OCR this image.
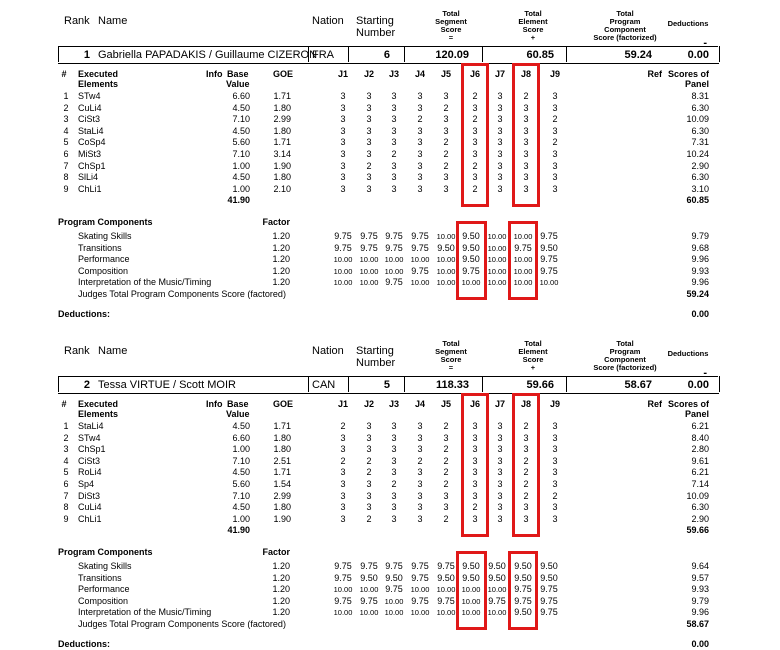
Rank Name	Nation Starting
Number
Total
Segment
Score
=
Total
Element
Score
+
Total
Program
Component
Score (factorized)
Deductions
-
1 Gabriella PAPADAKIS / Guillaume CIZERON
FRA	6	120.09	60.85	59.24	0.00
# Executed
Elements
Info Base
Value
GOE	J1	J2	J3	J4	J5	J6	J7	J8	J9	Ref Scores of
Panel
1 STw4	6.60	1.71	3	3	3	3	3	2	3	2	3	8.31
2 CuLi4	4.50	1.80	3	3	3	3	2	3	3	3	3	6.30
3 CiSt3	7.10	2.99	3	3	3	2	3	2	3	3	2	10.09
4 StaLi4	4.50	1.80	3	3	3	3	3	3	3	3	3	6.30
5 CoSp4	5.60	1.71	3	3	3	3	2	3	3	3	2	7.31
6 MiSt3	7.10	3.14	3	3	2	3	2	3	3	3	3	10.24
7 ChSp1	1.00	1.90	3	2	3	3	2	2	3	3	3	2.90
8 SlLi4	4.50	1.80	3	3	3	3	3	3	3	3	3	6.30
9 ChLi1	1.00	2.10	3	3	3	3	3	2	3	3	3	3.10
41.90	60.85
Program Components	Factor
Skating Skills	1.20	9.75 9.75 9.75 9.75	10.00 9.50	10.00 10.00 9.75	9.79
Transitions	1.20	9.75 9.75 9.75 9.75 9.50 9.50	10.00 9.75 9.50	9.68
Performance	1.20	10.00 10.00 10.00 10.00 10.00 9.50	10.00 10.00 9.75	9.96
Composition	1.20	10.00 10.00 10.00 9.75	10.00 9.75	10.00 10.00 9.75	9.93
Interpretation of the Music/Timing	1.20	10.00 10.00 9.75	10.00 10.00 10.00 10.00 10.00 10.00	9.96
Judges Total Program Components Score (factored)	59.24
Deductions:	0.00
Rank Name	Nation Starting
Number
Total
Segment
Score
=
Total
Element
Score
+
Total
Program
Component
Score (factorized)
Deductions
-
2 Tessa VIRTUE / Scott MOIR	CAN	5	118.33	59.66	58.67	0.00
# Executed
Elements
Info Base
Value
GOE	J1	J2	J3	J4	J5	J6	J7	J8	J9	Ref Scores of
Panel
1 StaLi4	4.50	1.71	2	3	3	3	2	3	3	2	3	6.21
2 STw4	6.60	1.80	3	3	3	3	3	3	3	3	3	8.40
3 ChSp1	1.00	1.80	3	3	3	3	2	3	3	3	3	2.80
4 CiSt3	7.10	2.51	2	2	3	2	2	3	3	2	3	9.61
5 RoLi4	4.50	1.71	3	2	3	3	2	3	3	2	3	6.21
6 Sp4	5.60	1.54	3	3	2	3	2	3	3	2	3	7.14
7 DiSt3	7.10	2.99	3	3	3	3	3	3	3	2	2	10.09
8 CuLi4	4.50	1.80	3	3	3	3	3	2	3	3	3	6.30
9 ChLi1	1.00	1.90	3	2	3	3	2	3	3	3	3	2.90
41.90	59.66
Program Components	Factor
Skating Skills	1.20	9.75 9.75 9.75 9.75 9.75 9.50 9.50 9.50 9.50	9.64
Transitions	1.20	9.75 9.50 9.50 9.75 9.50 9.50 9.50 9.50 9.50	9.57
Performance	1.20	10.00 10.00 9.75	10.00 10.00 10.00 10.00 9.75 9.75	9.93
Composition	1.20	9.75 9.75 10.00 9.75 9.75 10.00 9.75 9.75 9.75	9.79
Interpretation of the Music/Timing	1.20	10.00 10.00 10.00 10.00 10.00 10.00 10.00 9.50 9.75	9.96
Judges Total Program Components Score (factored)	58.67
Deductions:	0.00
